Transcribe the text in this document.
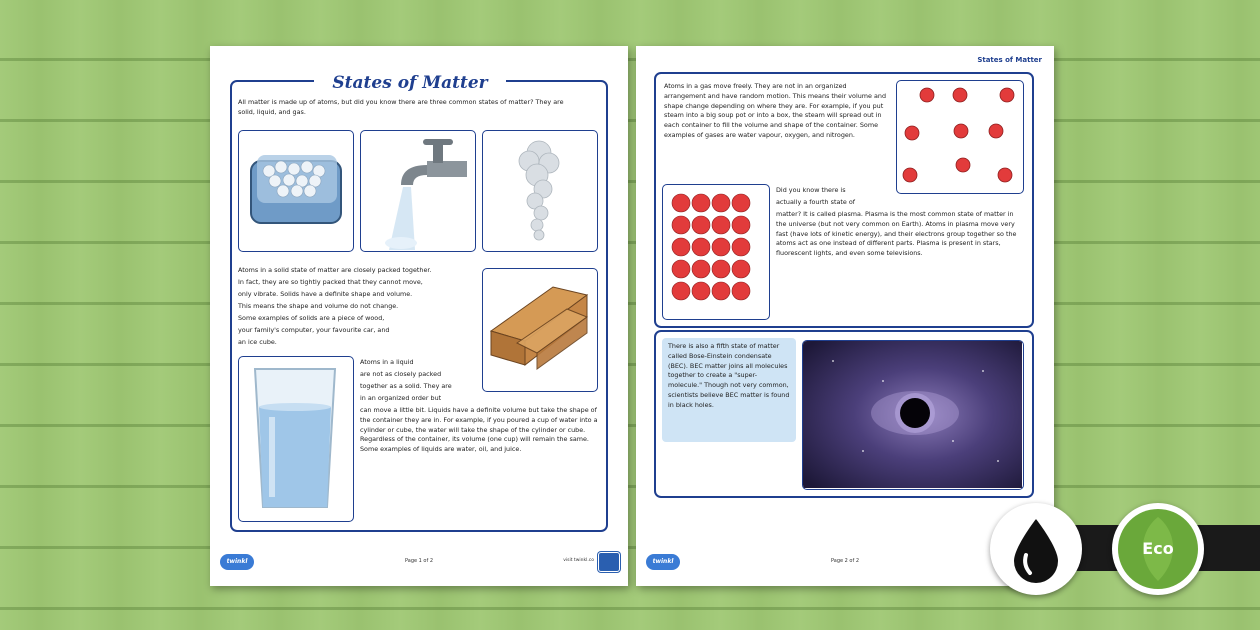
States of Matter
All matter is made up of atoms, but did you know there are three common states of matter? They are solid, liquid, and gas.
Atoms in a solid state of matter are closely packed together.
In fact, they are so tightly packed that they cannot move,
only vibrate. Solids have a definite shape and volume.
This means the shape and volume do not change.
Some examples of solids are a piece of wood,
your family's computer, your favourite car, and
an ice cube.
Atoms in a liquid
are not as closely packed
together as a solid. They are
in an organized order but
can move a little bit. Liquids have a definite volume but take the shape of the container they are in. For example, if you poured a cup of water into a cylinder or cube, the water will take the shape of the cylinder or cube. Regardless of the container, its volume (one cup) will remain the same. Some examples of liquids are water, oil, and juice.
twinkl	Page 1 of 2	visit twinkl.co
States of Matter
Atoms in a gas move freely. They are not in an organized arrangement and have random motion. This means their volume and shape change depending on where they are. For example, if you put steam into a big soup pot or into a box, the steam will spread out in each container to fill the volume and shape of the container. Some examples of gases are water vapour, oxygen, and nitrogen.
Did you know there is
actually a fourth state of
matter? It is called plasma. Plasma is the most common state of matter in the universe (but not very common on Earth). Atoms in plasma move very fast (have lots of kinetic energy), and their electrons group together so the atoms act as one instead of different parts. Plasma is present in stars, fluorescent lights, and even some televisions.
There is also a fifth state of matter called Bose-Einstein condensate (BEC). BEC matter joins all molecules together to create a "super-molecule." Though not very common, scientists believe BEC matter is found in black holes.
twinkl	Page 2 of 2
Eco
